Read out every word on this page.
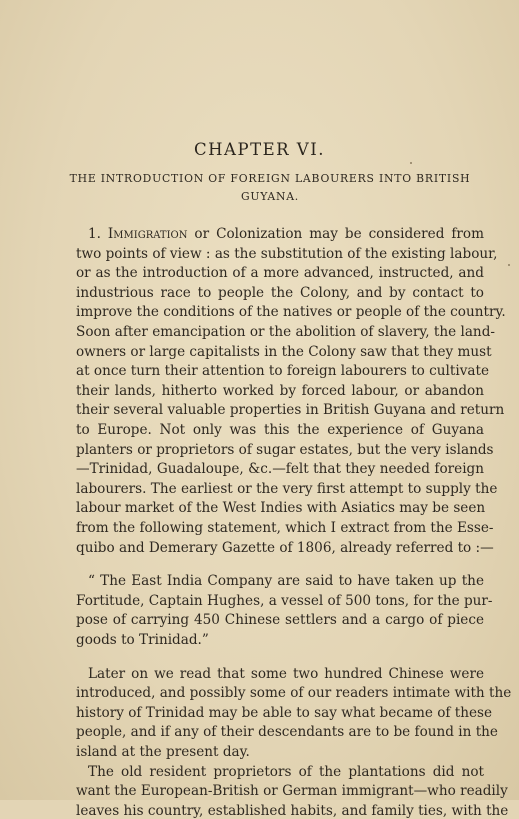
CHAPTER VI.
THE INTRODUCTION OF FOREIGN LABOURERS INTO BRITISH
GUYANA.
1. Immigration or Colonization may be considered from
two points of view : as the substitution of the existing labour,
or as the introduction of a more advanced, instructed, and
industrious race to people the Colony, and by contact to
improve the conditions of the natives or people of the country.
Soon after emancipation or the abolition of slavery, the land-
owners or large capitalists in the Colony saw that they must
at once turn their attention to foreign labourers to cultivate
their lands, hitherto worked by forced labour, or abandon
their several valuable properties in British Guyana and return
to Europe. Not only was this the experience of Guyana
planters or proprietors of sugar estates, but the very islands
—Trinidad, Guadaloupe, &c.—felt that they needed foreign
labourers. The earliest or the very first attempt to supply the
labour market of the West Indies with Asiatics may be seen
from the following statement, which I extract from the Esse-
quibo and Demerary Gazette of 1806, already referred to :—
“ The East India Company are said to have taken up the
Fortitude, Captain Hughes, a vessel of 500 tons, for the pur-
pose of carrying 450 Chinese settlers and a cargo of piece
goods to Trinidad.”
Later on we read that some two hundred Chinese were
introduced, and possibly some of our readers intimate with the
history of Trinidad may be able to say what became of these
people, and if any of their descendants are to be found in the
island at the present day.
The old resident proprietors of the plantations did not
want the European-British or German immigrant—who readily
leaves his country, established habits, and family ties, with the
